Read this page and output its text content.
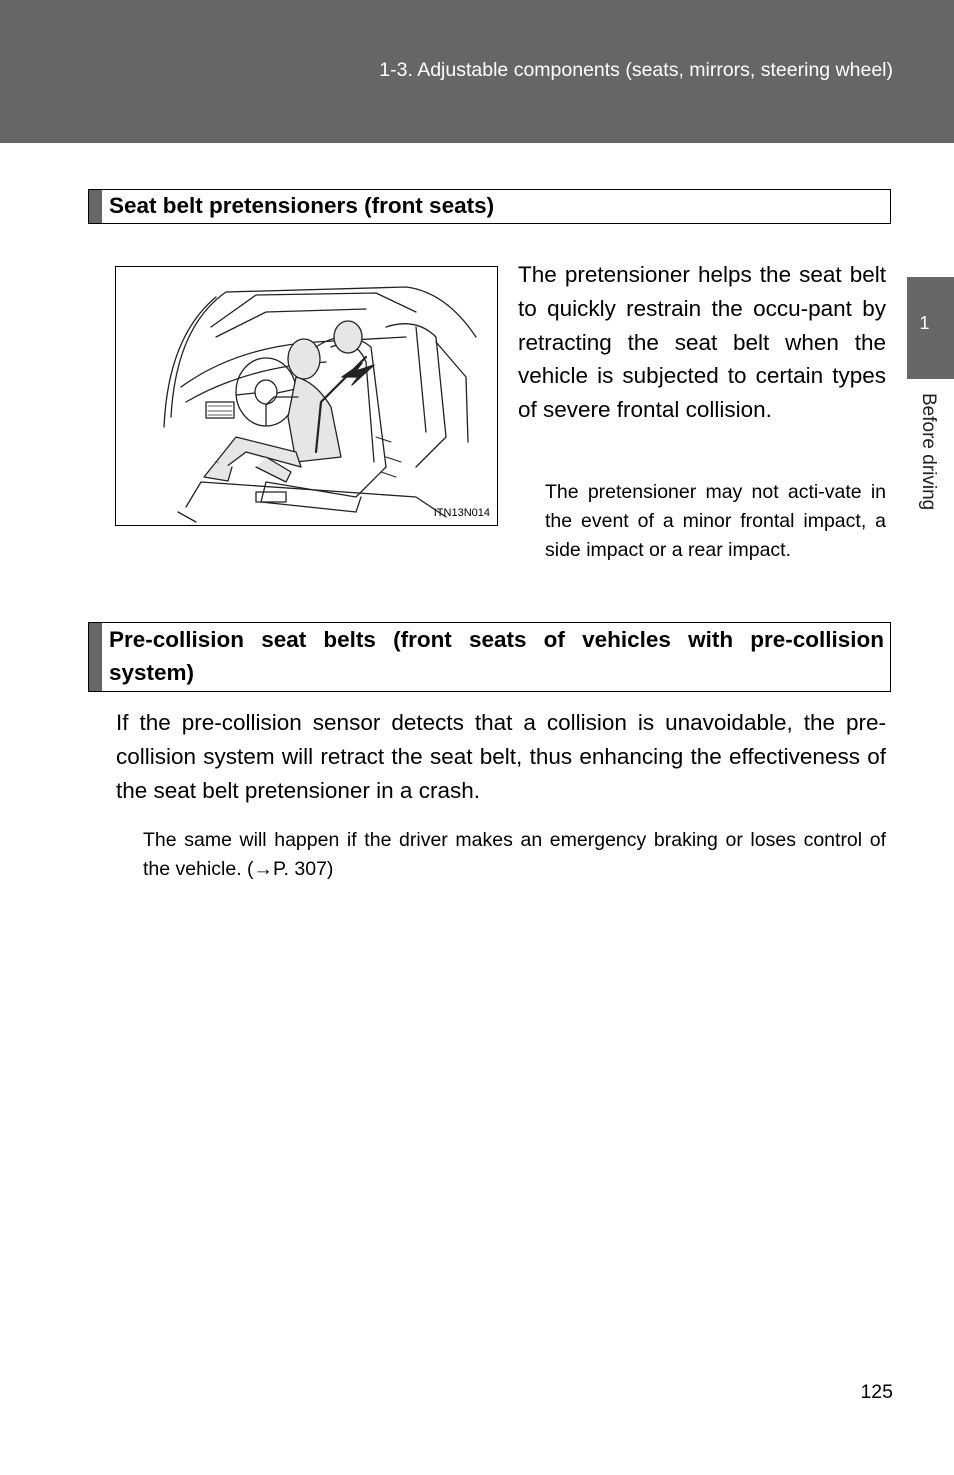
1-3. Adjustable components (seats, mirrors, steering wheel)
1
Before driving
Seat belt pretensioners (front seats)
ITN13N014
The pretensioner helps the seat belt to quickly restrain the occu-pant by retracting the seat belt when the vehicle is subjected to certain types of severe frontal collision.
The pretensioner may not acti-vate in the event of a minor frontal impact, a side impact or a rear impact.
Pre-collision seat belts (front seats of vehicles with pre-collision system)
If the pre-collision sensor detects that a collision is unavoidable, the pre-collision system will retract the seat belt, thus enhancing the effectiveness of the seat belt pretensioner in a crash.
The same will happen if the driver makes an emergency braking or loses control of the vehicle. (→P. 307)
125
